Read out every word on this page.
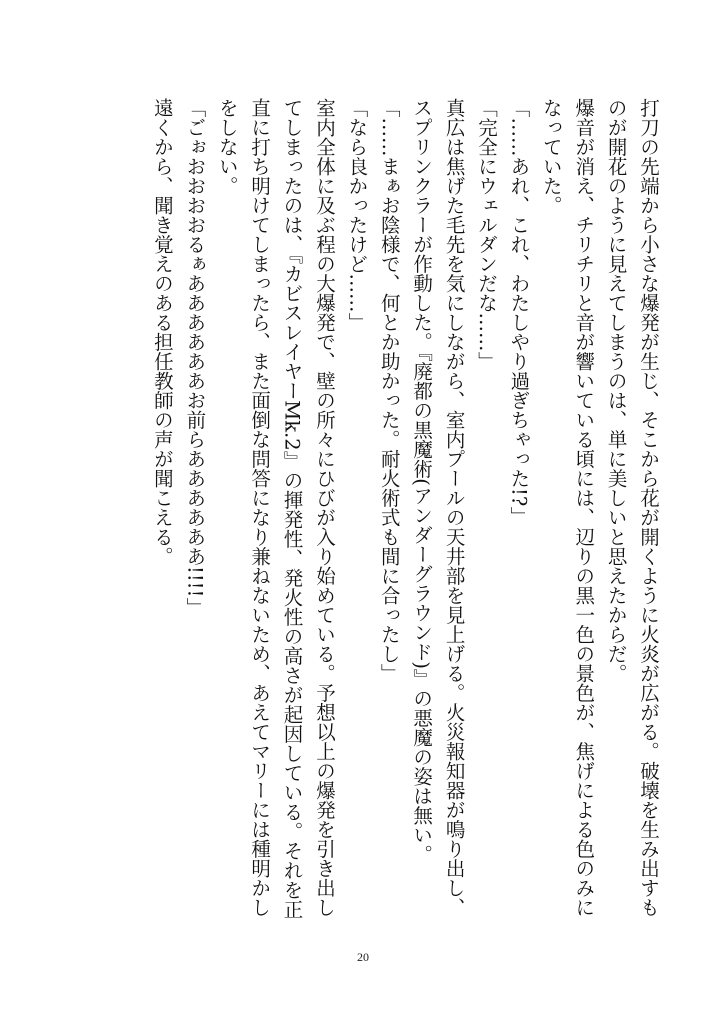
打刀の先端から小さな爆発が生じ、そこから花が開くように火炎が広がる。破壊を生み出すものが開花のように見えてしまうのは、単に美しいと思えたからだ。

爆音が消え、チリチリと音が響いている頃には、辺りの黒一色の景色が、焦げによる色のみになっていた。

「……あれ、これ、わたしやり過ぎちゃった!?」

「完全にウェルダンだな……」

真広は焦げた毛先を気にしながら、室内プールの天井部を見上げる。火災報知器が鳴り出し、スプリンクラーが作動した。『廃都の黒魔術(アンダーグラウンド)』の悪魔の姿は無い。

「……まぁお陰様で、何とか助かった。耐火術式も間に合ったし」

「なら良かったけど……」

室内全体に及ぶ程の大爆発で、壁の所々にひびが入り始めている。予想以上の爆発を引き出してしまったのは、『カビスレイヤーMk.2』の揮発性、発火性の高さが起因している。それを正直に打ち明けてしまったら、また面倒な問答になり兼ねないため、あえてマリーには種明かしをしない。

「ごぉおおおおるぁああああああお前らああああああ!!!!」

遠くから、聞き覚えのある担任教師の声が聞こえる。

20
